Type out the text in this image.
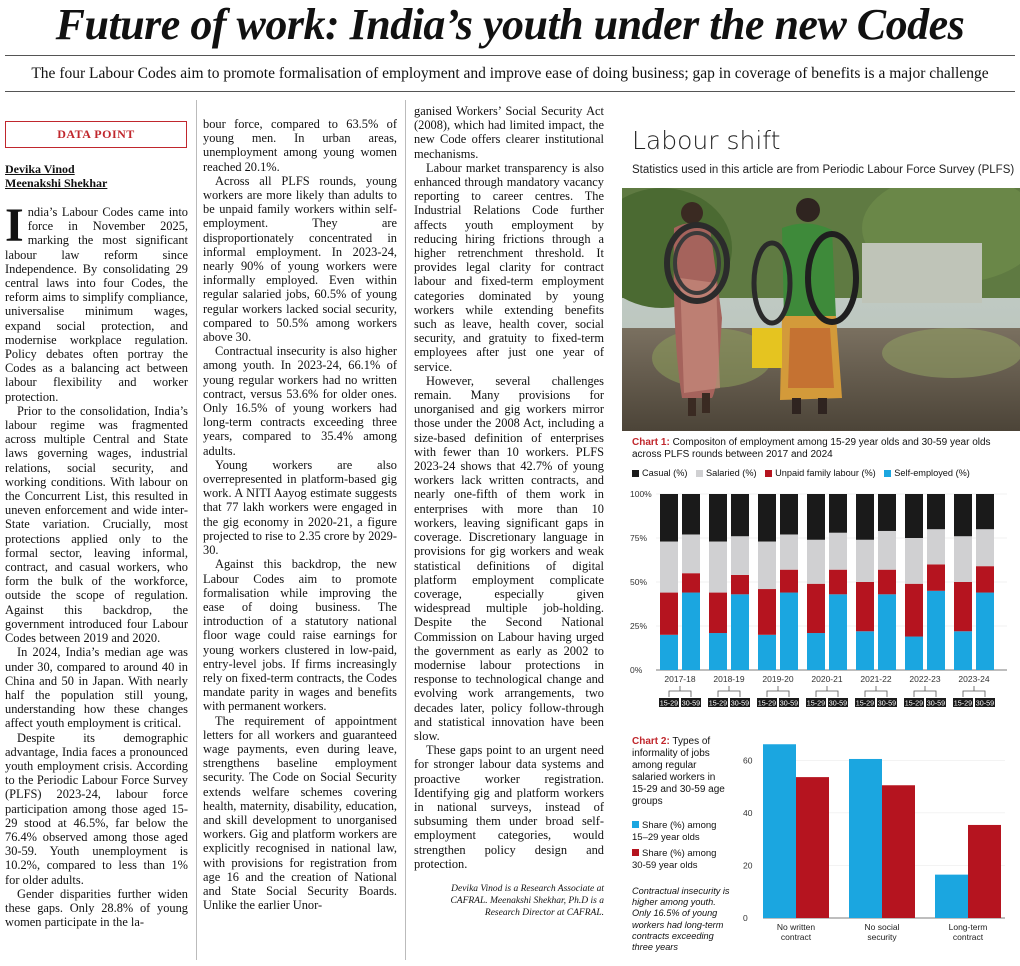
Future of work: India’s youth under the new Codes
The four Labour Codes aim to promote formalisation of employment and improve ease of doing business; gap in coverage of benefits is a major challenge
DATA POINT
Devika Vinod
Meenakshi Shekhar

India’s Labour Codes came into force in November 2025, marking the most significant labour law reform since Independence. By consolidating 29 central laws into four Codes, the reform aims to simplify compliance, universalise minimum wages, expand social protection, and modernise workplace regulation. Policy debates often portray the Codes as a balancing act between labour flexibility and worker protection.

Prior to the consolidation, India’s labour regime was fragmented across multiple Central and State laws governing wages, industrial relations, social security, and working conditions. With labour on the Concurrent List, this resulted in uneven enforcement and wide inter-State variation. Crucially, most protections applied only to the formal sector, leaving informal, contract, and casual workers, who form the bulk of the workforce, outside the scope of regulation. Against this backdrop, the government introduced four Labour Codes between 2019 and 2020.

In 2024, India’s median age was under 30, compared to around 40 in China and 50 in Japan. With nearly half the population still young, understanding how these changes affect youth employment is critical.

Despite its demographic advantage, India faces a pronounced youth employment crisis. According to the Periodic Labour Force Survey (PLFS) 2023-24, labour force participation among those aged 15-29 stood at 46.5%, far below the 76.4% observed among those aged 30-59. Youth unemployment is 10.2%, compared to less than 1% for older adults.

Gender disparities further widen these gaps. Only 28.8% of young women participate in the la-

bour force, compared to 63.5% of young men. In urban areas, unemployment among young women reached 20.1%.

Across all PLFS rounds, young workers are more likely than adults to be unpaid family workers within self-employment. They are disproportionately concentrated in informal employment. In 2023-24, nearly 90% of young workers were informally employed. Even within regular salaried jobs, 60.5% of young regular workers lacked social security, compared to 50.5% among workers above 30.

Contractual insecurity is also higher among youth. In 2023-24, 66.1% of young regular workers had no written contract, versus 53.6% for older ones. Only 16.5% of young workers had long-term contracts exceeding three years, compared to 35.4% among adults.

Young workers are also overrepresented in platform-based gig work. A NITI Aayog estimate suggests that 77 lakh workers were engaged in the gig economy in 2020-21, a figure projected to rise to 2.35 crore by 2029-30.

Against this backdrop, the new Labour Codes aim to promote formalisation while improving the ease of doing business. The introduction of a statutory national floor wage could raise earnings for young workers clustered in low-paid, entry-level jobs. If firms increasingly rely on fixed-term contracts, the Codes mandate parity in wages and benefits with permanent workers.

The requirement of appointment letters for all workers and guaranteed wage payments, even during leave, strengthens baseline employment security. The Code on Social Security extends welfare schemes covering health, maternity, disability, education, and skill development to unorganised workers. Gig and platform workers are explicitly recognised in national law, with provisions for registration from age 16 and the creation of National and State Social Security Boards. Unlike the earlier Unor-

ganised Workers’ Social Security Act (2008), which had limited impact, the new Code offers clearer institutional mechanisms.

Labour market transparency is also enhanced through mandatory vacancy reporting to career centres. The Industrial Relations Code further affects youth employment by reducing hiring frictions through a higher retrenchment threshold. It provides legal clarity for contract labour and fixed-term employment categories dominated by young workers while extending benefits such as leave, health cover, social security, and gratuity to fixed-term employees after just one year of service.

However, several challenges remain. Many provisions for unorganised and gig workers mirror those under the 2008 Act, including a size-based definition of enterprises with fewer than 10 workers. PLFS 2023-24 shows that 42.7% of young workers lack written contracts, and nearly one-fifth of them work in enterprises with more than 10 workers, leaving significant gaps in coverage. Discretionary language in provisions for gig workers and weak statistical definitions of digital platform employment complicate coverage, especially given widespread multiple job-holding. Despite the Second National Commission on Labour having urged the government as early as 2002 to modernise labour protections in response to technological change and evolving work arrangements, two decades later, policy follow-through and statistical innovation have been slow.

These gaps point to an urgent need for stronger labour data systems and proactive worker registration. Identifying gig and platform workers in national surveys, instead of subsuming them under broad self-employment categories, would strengthen policy design and protection.

Devika Vinod is a Research Associate at CAFRAL. Meenakshi Shekhar, Ph.D is a Research Director at CAFRAL.

Labour shift
Statistics used in this article are from Periodic Labour Force Survey (PLFS)
Chart 1: Compositon of employment among 15-29 year olds and 30-59 year olds across PLFS rounds between 2017 and 2024
Casual (%) Salaried (%) Unpaid family labour (%) Self-employed (%)
0%
25%
50%
75%
100%
15-29 30-59
2017-18
15-29 30-59
2018-19
15-29 30-59
2019-20
15-29 30-59
2020-21
15-29 30-59
2021-22
15-29 30-59
2022-23
15-29 30-59
2023-24
Chart 2: Types of informality of jobs among regular salaried workers in 15-29 and 30-59 age groups
Share (%) among 15–29 year olds
Share (%) among 30-59 year olds
Contractual insecurity is higher among youth. Only 16.5% of young workers had long-term contracts exceeding three years
0
20
40
60
No written
contract
No social
security
Long-term
contract
